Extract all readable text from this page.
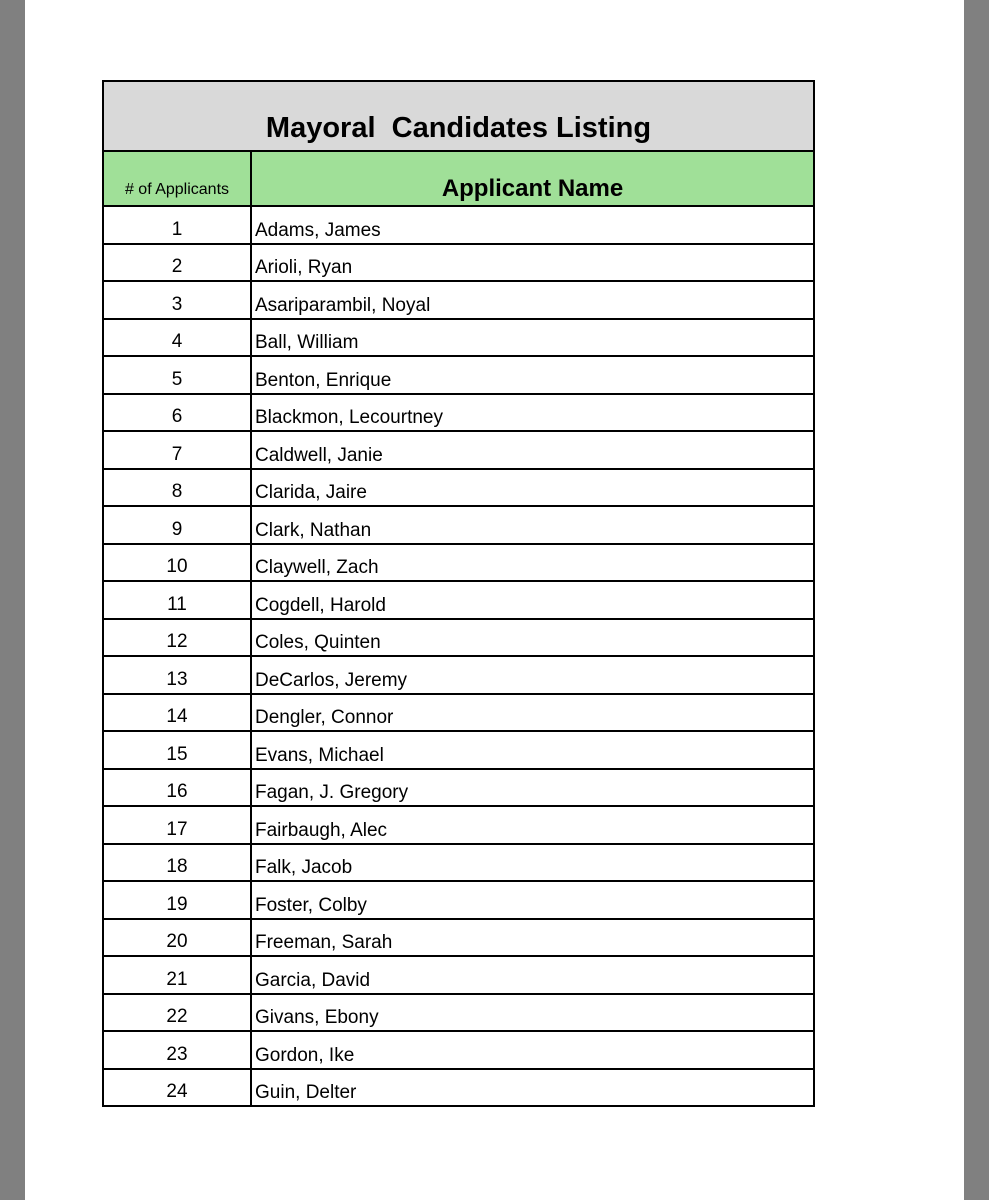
Mayoral  Candidates Listing
# of Applicants	Applicant Name
1	Adams, James
2	Arioli, Ryan
3	Asariparambil, Noyal
4	Ball, William
5	Benton, Enrique
6	Blackmon, Lecourtney
7	Caldwell, Janie
8	Clarida, Jaire
9	Clark, Nathan
10	Claywell, Zach
11	Cogdell, Harold
12	Coles, Quinten
13	DeCarlos, Jeremy
14	Dengler, Connor
15	Evans, Michael
16	Fagan, J. Gregory
17	Fairbaugh, Alec
18	Falk, Jacob
19	Foster, Colby
20	Freeman, Sarah
21	Garcia, David
22	Givans, Ebony
23	Gordon, Ike
24	Guin, Delter
